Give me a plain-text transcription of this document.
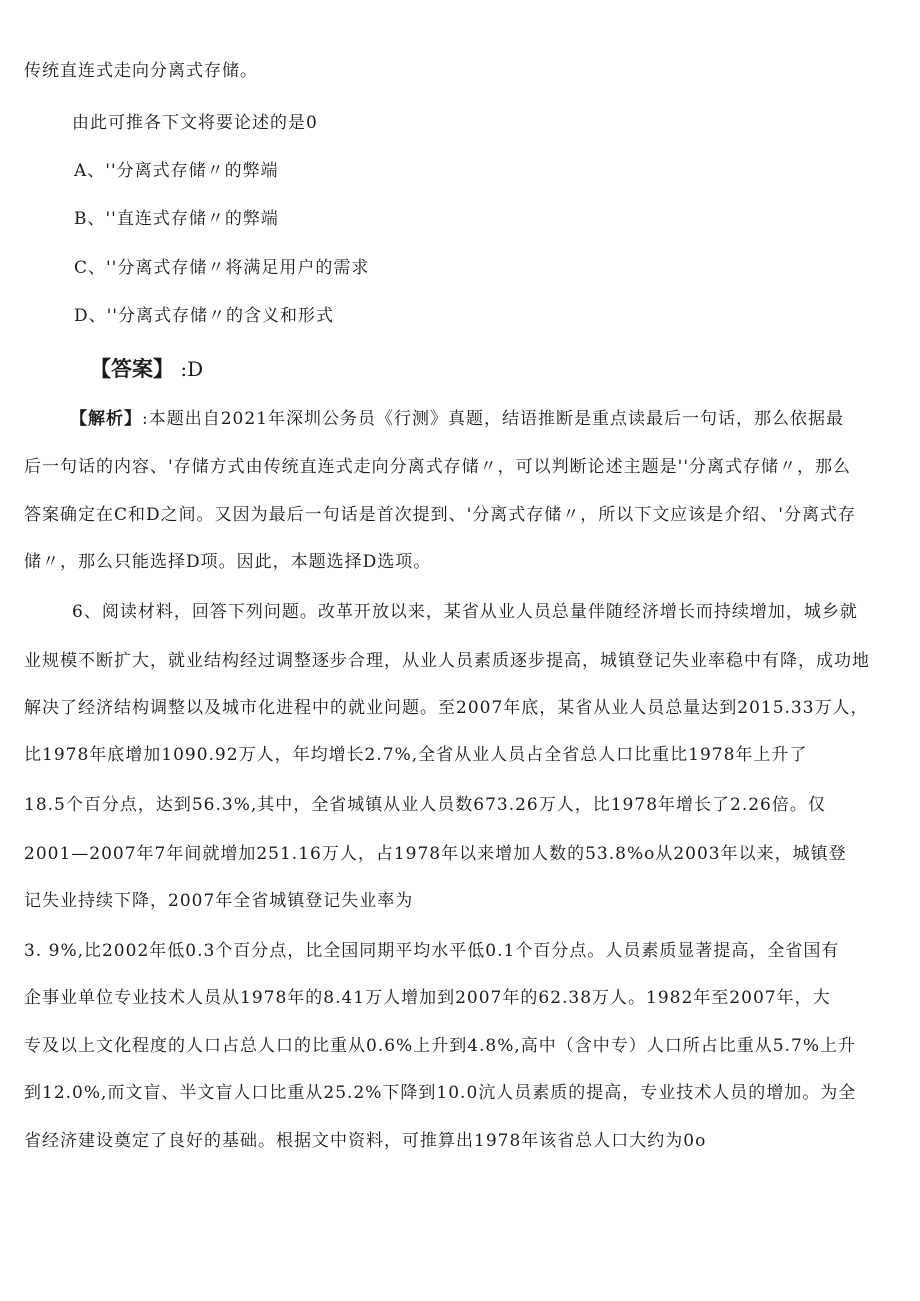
传统直连式走向分离式存储。
由此可推各下文将要论述的是0
A、''分离式存储〃的弊端
B、''直连式存储〃的弊端
C、''分离式存储〃将满足用户的需求
D、''分离式存储〃的含义和形式
【答案】 :D
【解析】:本题出自2021年深圳公务员《行测》真题，结语推断是重点读最后一句话，那么依据最
后一句话的内容、'存储方式由传统直连式走向分离式存储〃，可以判断论述主题是''分离式存储〃，那么
答案确定在C和D之间。又因为最后一句话是首次提到、'分离式存储〃，所以下文应该是介绍、'分离式存
储〃，那么只能选择D项。因此，本题选择D选项。
6、阅读材料，回答下列问题。改革开放以来，某省从业人员总量伴随经济增长而持续增加，城乡就
业规模不断扩大，就业结构经过调整逐步合理，从业人员素质逐步提高，城镇登记失业率稳中有降，成功地
解决了经济结构调整以及城市化进程中的就业问题。至2007年底，某省从业人员总量达到2015.33万人，
比1978年底增加1090.92万人，年均增长2.7%,全省从业人员占全省总人口比重比1978年上升了
18.5个百分点，达到56.3%,其中，全省城镇从业人员数673.26万人，比1978年增长了2.26倍。仅
2001—2007年7年间就增加251.16万人，占1978年以来增加人数的53.8%o从2003年以来，城镇登
记失业持续下降，2007年全省城镇登记失业率为
3. 9%,比2002年低0.3个百分点，比全国同期平均水平低0.1个百分点。人员素质显著提高，全省国有
企事业单位专业技术人员从1978年的8.41万人增加到2007年的62.38万人。1982年至2007年，大
专及以上文化程度的人口占总人口的比重从0.6%上升到4.8%,高中（含中专）人口所占比重从5.7%上升
到12.0%,而文盲、半文盲人口比重从25.2%下降到10.0沆人员素质的提高，专业技术人员的增加。为全
省经济建设奠定了良好的基础。根据文中资料，可推算出1978年该省总人口大约为0o
